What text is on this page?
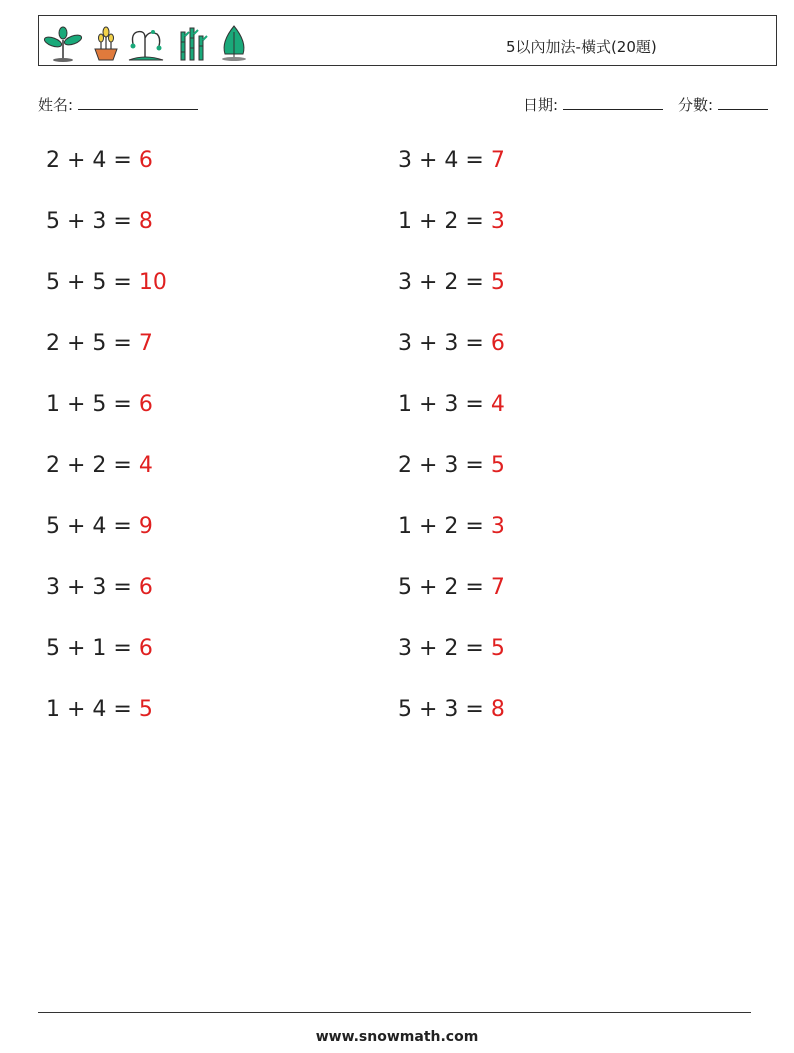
5以內加法-橫式(20題)
姓名:	日期:	分數:
2 + 4 = 6
5 + 3 = 8
5 + 5 = 10
2 + 5 = 7
1 + 5 = 6
2 + 2 = 4
5 + 4 = 9
3 + 3 = 6
5 + 1 = 6
1 + 4 = 5
3 + 4 = 7
1 + 2 = 3
3 + 2 = 5
3 + 3 = 6
1 + 3 = 4
2 + 3 = 5
1 + 2 = 3
5 + 2 = 7
3 + 2 = 5
5 + 3 = 8
www.snowmath.com
